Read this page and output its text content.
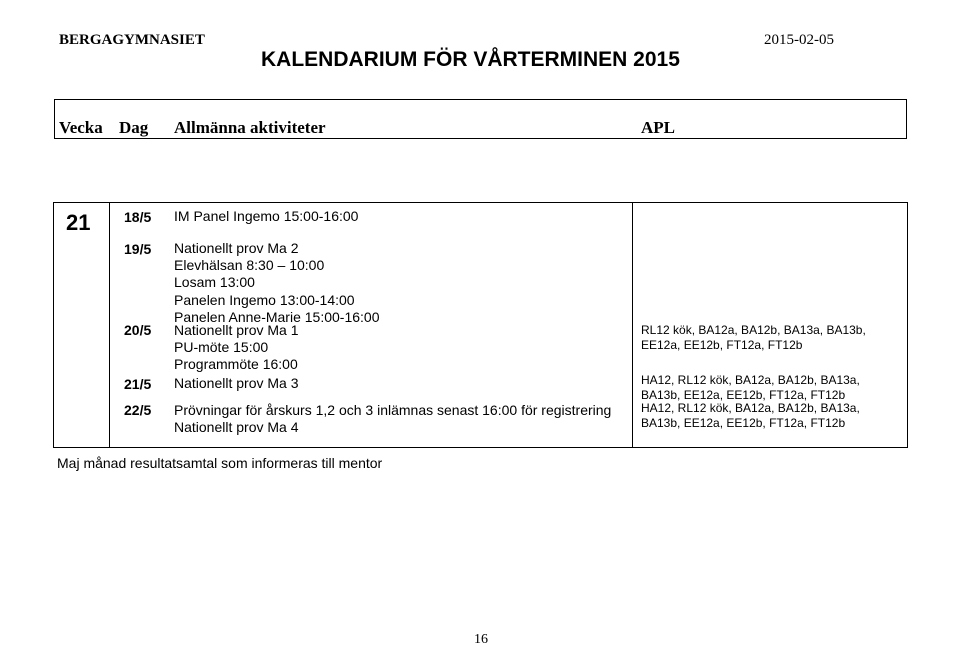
BERGAGYMNASIET	2015-02-05
KALENDARIUM FÖR VÅRTERMINEN 2015
Vecka Dag Allmänna aktiviteter	APL
21 18/5 IM Panel Ingemo 15:00-16:00
19/5 Nationellt prov Ma 2
Elevhälsan 8:30 – 10:00
Losam 13:00
Panelen Ingemo 13:00-14:00
Panelen Anne-Marie 15:00-16:00
20/5 Nationellt prov Ma 1
PU-möte 15:00
Programmöte 16:00
21/5 Nationellt prov Ma 3
22/5 Prövningar för årskurs 1,2 och 3 inlämnas senast 16:00 för registrering
Nationellt prov Ma 4
RL12 kök, BA12a, BA12b, BA13a, BA13b,
EE12a, EE12b, FT12a, FT12b
HA12, RL12 kök, BA12a, BA12b, BA13a,
BA13b, EE12a, EE12b, FT12a, FT12b
HA12, RL12 kök, BA12a, BA12b, BA13a,
BA13b, EE12a, EE12b, FT12a, FT12b
Maj månad resultatsamtal som informeras till mentor
16
